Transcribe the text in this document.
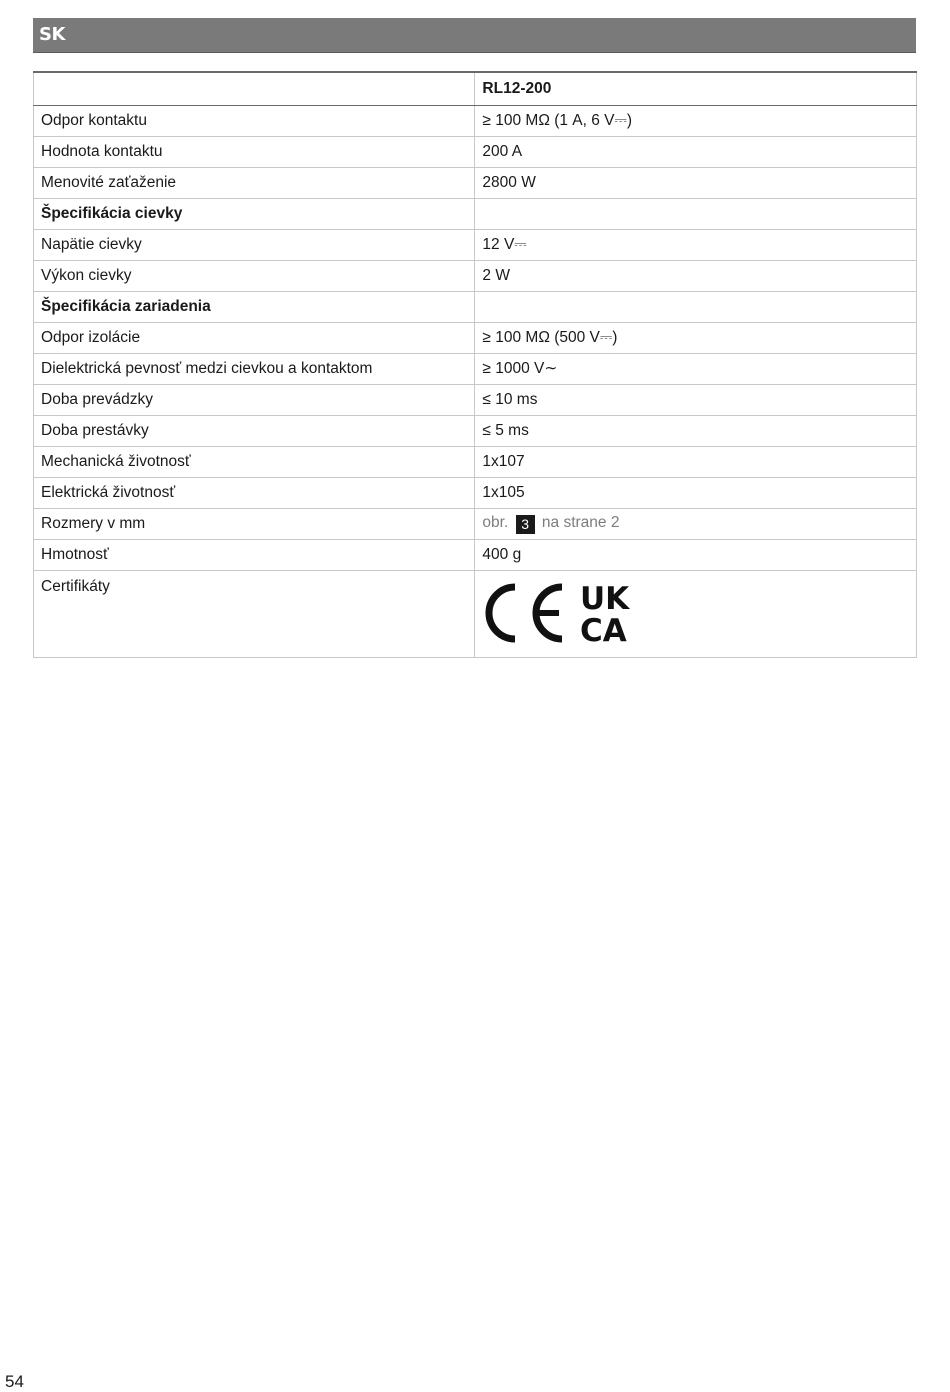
SK
	RL12-200
Odpor kontaktu	≥ 100 MΩ (1 A, 6 V⎓)
Hodnota kontaktu	200 A
Menovité zaťaženie	2800 W
Špecifikácia cievky	
Napätie cievky	12 V⎓
Výkon cievky	2 W
Špecifikácia zariadenia	
Odpor izolácie	≥ 100 MΩ (500 V⎓)
Dielektrická pevnosť medzi cievkou a kontaktom	≥ 1000 V∼
Doba prevádzky	≤ 10 ms
Doba prestávky	≤ 5 ms
Mechanická životnosť	1x107
Elektrická životnosť	1x105
Rozmery v mm	obr. 3 na strane 2
Hmotnosť	400 g
Certifikáty	UK
CA
54
